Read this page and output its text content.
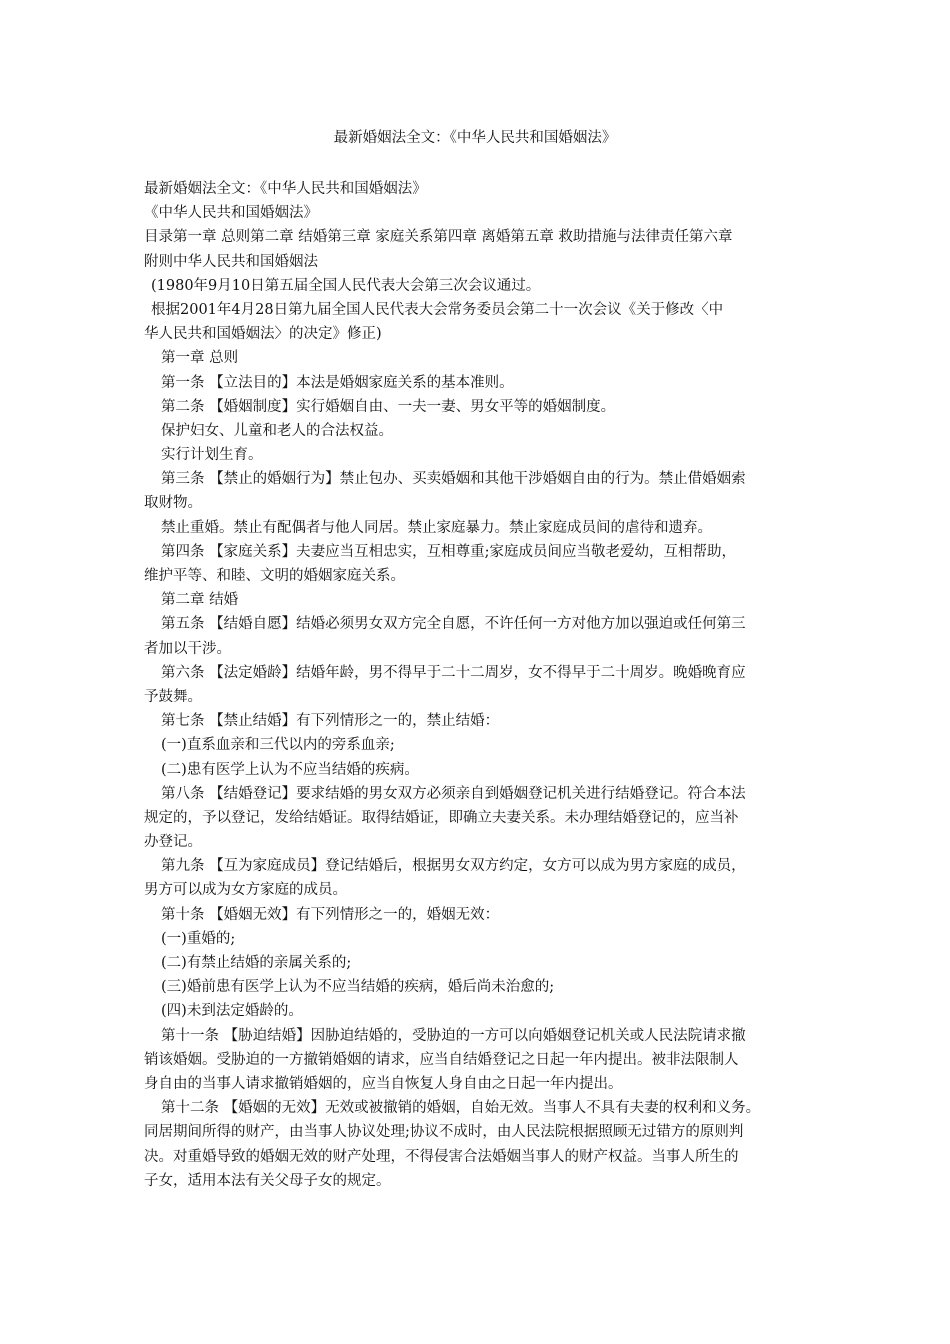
最新婚姻法全文：《中华人民共和国婚姻法》
最新婚姻法全文：《中华人民共和国婚姻法》
《中华人民共和国婚姻法》
目录第一章 总则第二章 结婚第三章 家庭关系第四章 离婚第五章 救助措施与法律责任第六章
附则中华人民共和国婚姻法
(1980年9月10日第五届全国人民代表大会第三次会议通过。
根据2001年4月28日第九届全国人民代表大会常务委员会第二十一次会议《关于修改〈中
华人民共和国婚姻法〉的决定》修正)
第一章 总则
第一条 【立法目的】本法是婚姻家庭关系的基本准则。
第二条 【婚姻制度】实行婚姻自由、一夫一妻、男女平等的婚姻制度。
保护妇女、儿童和老人的合法权益。
实行计划生育。
第三条 【禁止的婚姻行为】禁止包办、买卖婚姻和其他干涉婚姻自由的行为。禁止借婚姻索
取财物。
禁止重婚。禁止有配偶者与他人同居。禁止家庭暴力。禁止家庭成员间的虐待和遗弃。
第四条 【家庭关系】夫妻应当互相忠实，互相尊重;家庭成员间应当敬老爱幼，互相帮助，
维护平等、和睦、文明的婚姻家庭关系。
第二章 结婚
第五条 【结婚自愿】结婚必须男女双方完全自愿，不许任何一方对他方加以强迫或任何第三
者加以干涉。
第六条 【法定婚龄】结婚年龄，男不得早于二十二周岁，女不得早于二十周岁。晚婚晚育应
予鼓舞。
第七条 【禁止结婚】有下列情形之一的，禁止结婚：
(一)直系血亲和三代以内的旁系血亲;
(二)患有医学上认为不应当结婚的疾病。
第八条 【结婚登记】要求结婚的男女双方必须亲自到婚姻登记机关进行结婚登记。符合本法
规定的，予以登记，发给结婚证。取得结婚证，即确立夫妻关系。未办理结婚登记的，应当补
办登记。
第九条 【互为家庭成员】登记结婚后，根据男女双方约定，女方可以成为男方家庭的成员，
男方可以成为女方家庭的成员。
第十条 【婚姻无效】有下列情形之一的，婚姻无效：
(一)重婚的;
(二)有禁止结婚的亲属关系的;
(三)婚前患有医学上认为不应当结婚的疾病，婚后尚未治愈的;
(四)未到法定婚龄的。
第十一条 【胁迫结婚】因胁迫结婚的，受胁迫的一方可以向婚姻登记机关或人民法院请求撤
销该婚姻。受胁迫的一方撤销婚姻的请求，应当自结婚登记之日起一年内提出。被非法限制人
身自由的当事人请求撤销婚姻的，应当自恢复人身自由之日起一年内提出。
第十二条 【婚姻的无效】无效或被撤销的婚姻，自始无效。当事人不具有夫妻的权利和义务。
同居期间所得的财产，由当事人协议处理;协议不成时，由人民法院根据照顾无过错方的原则判
决。对重婚导致的婚姻无效的财产处理，不得侵害合法婚姻当事人的财产权益。当事人所生的
子女，适用本法有关父母子女的规定。
